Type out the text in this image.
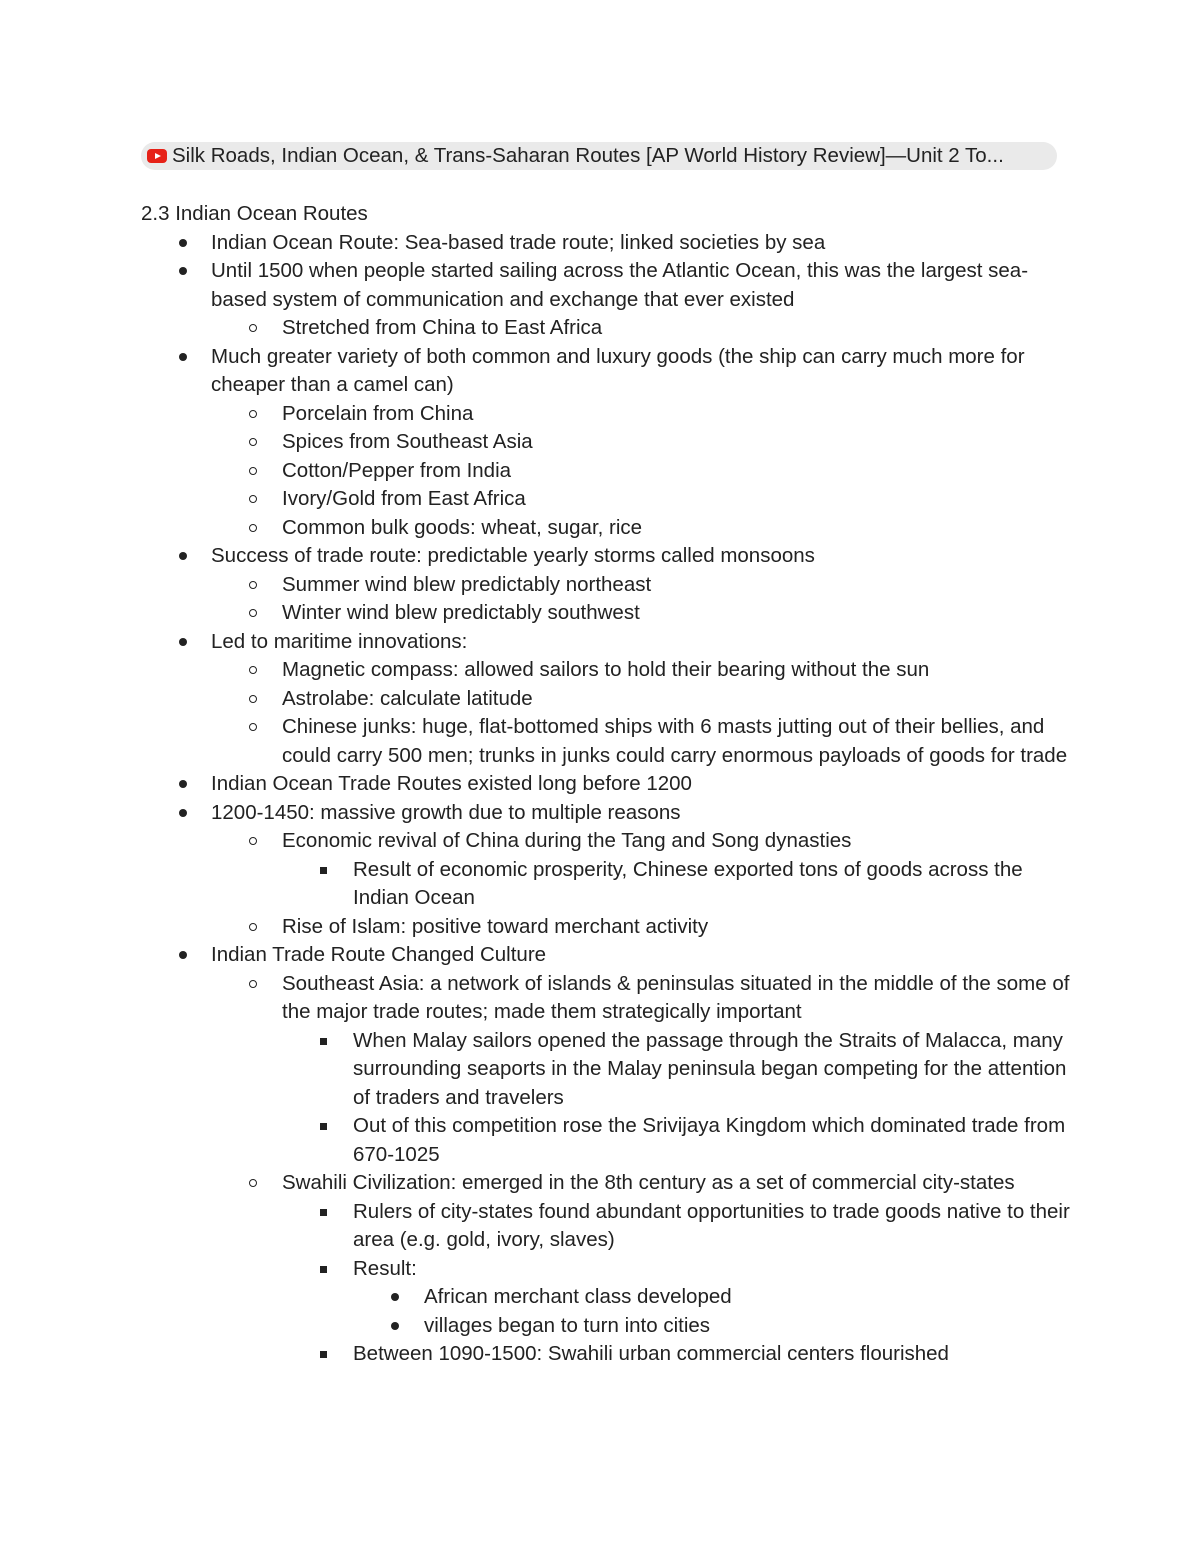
Silk Roads, Indian Ocean, & Trans-Saharan Routes [AP World History Review]—Unit 2 To...

2.3 Indian Ocean Routes

Indian Ocean Route: Sea-based trade route; linked societies by sea
Until 1500 when people started sailing across the Atlantic Ocean, this was the largest sea-based system of communication and exchange that ever existed
Stretched from China to East Africa
Much greater variety of both common and luxury goods (the ship can carry much more for cheaper than a camel can)
Porcelain from China
Spices from Southeast Asia
Cotton/Pepper from India
Ivory/Gold from East Africa
Common bulk goods: wheat, sugar, rice
Success of trade route: predictable yearly storms called monsoons
Summer wind blew predictably northeast
Winter wind blew predictably southwest
Led to maritime innovations:
Magnetic compass: allowed sailors to hold their bearing without the sun
Astrolabe: calculate latitude
Chinese junks: huge, flat-bottomed ships with 6 masts jutting out of their bellies, and could carry 500 men; trunks in junks could carry enormous payloads of goods for trade
Indian Ocean Trade Routes existed long before 1200
1200-1450: massive growth due to multiple reasons
Economic revival of China during the Tang and Song dynasties
Result of economic prosperity, Chinese exported tons of goods across the Indian Ocean
Rise of Islam: positive toward merchant activity
Indian Trade Route Changed Culture
Southeast Asia: a network of islands & peninsulas situated in the middle of the some of the major trade routes; made them strategically important
When Malay sailors opened the passage through the Straits of Malacca, many surrounding seaports in the Malay peninsula began competing for the attention of traders and travelers
Out of this competition rose the Srivijaya Kingdom which dominated trade from 670-1025
Swahili Civilization: emerged in the 8th century as a set of commercial city-states
Rulers of city-states found abundant opportunities to trade goods native to their area (e.g. gold, ivory, slaves)
Result:
African merchant class developed
villages began to turn into cities
Between 1090-1500: Swahili urban commercial centers flourished
